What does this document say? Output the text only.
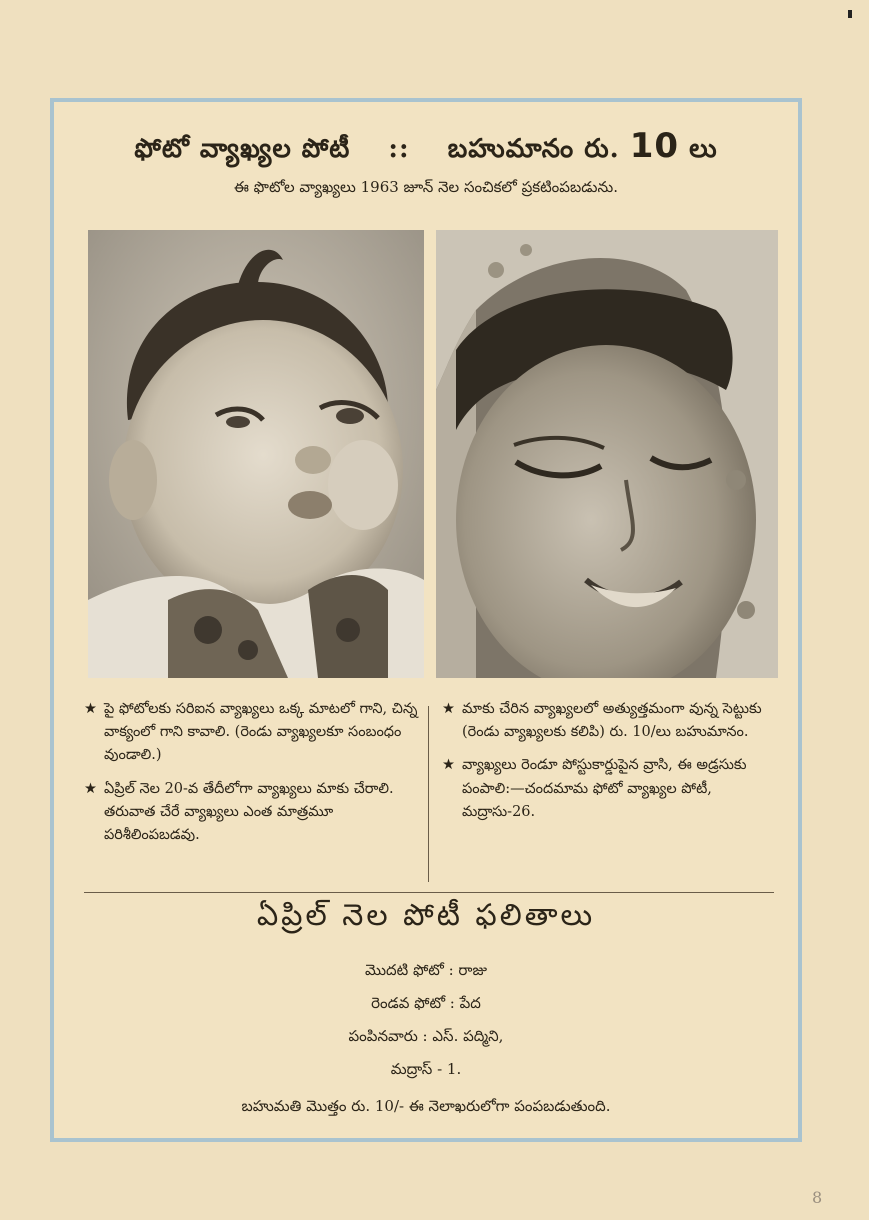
ఫోటో వ్యాఖ్యల పోటీ :: బహుమానం రు. 10 లు
ఈ ఫొటోల వ్యాఖ్యలు 1963 జూన్ నెల సంచికలో ప్రకటింపబడును.
★ పై ఫోటోలకు సరిఐన వ్యాఖ్యలు ఒక్క మాటలో గాని, చిన్న వాక్యంలో గాని కావాలి. (రెండు వ్యాఖ్యలకూ సంబంధం వుండాలి.)
★ ఏప్రిల్ నెల 20-వ తేదీలోగా వ్యాఖ్యలు మాకు చేరాలి. తరువాత చేరే వ్యాఖ్యలు ఎంత మాత్రమూ పరిశీలింపబడవు.
★ మాకు చేరిన వ్యాఖ్యలలో అత్యుత్తమంగా వున్న సెట్టుకు (రెండు వ్యాఖ్యలకు కలిపి) రు. 10/లు బహుమానం.
★ వ్యాఖ్యలు రెండూ పోస్టుకార్డుపైన వ్రాసి, ఈ అడ్రసుకు పంపాలి:—చందమామ ఫోటో వ్యాఖ్యల పోటీ, మద్రాసు-26.
ఏప్రిల్ నెల పోటీ ఫలితాలు
మొదటి ఫోటో : రాజు
రెండవ ఫోటో : పేద
పంపినవారు : ఎస్. పద్మిని,
మద్రాస్ - 1.
బహుమతి మొత్తం రు. 10/- ఈ నెలాఖరులోగా పంపబడుతుంది.
8
